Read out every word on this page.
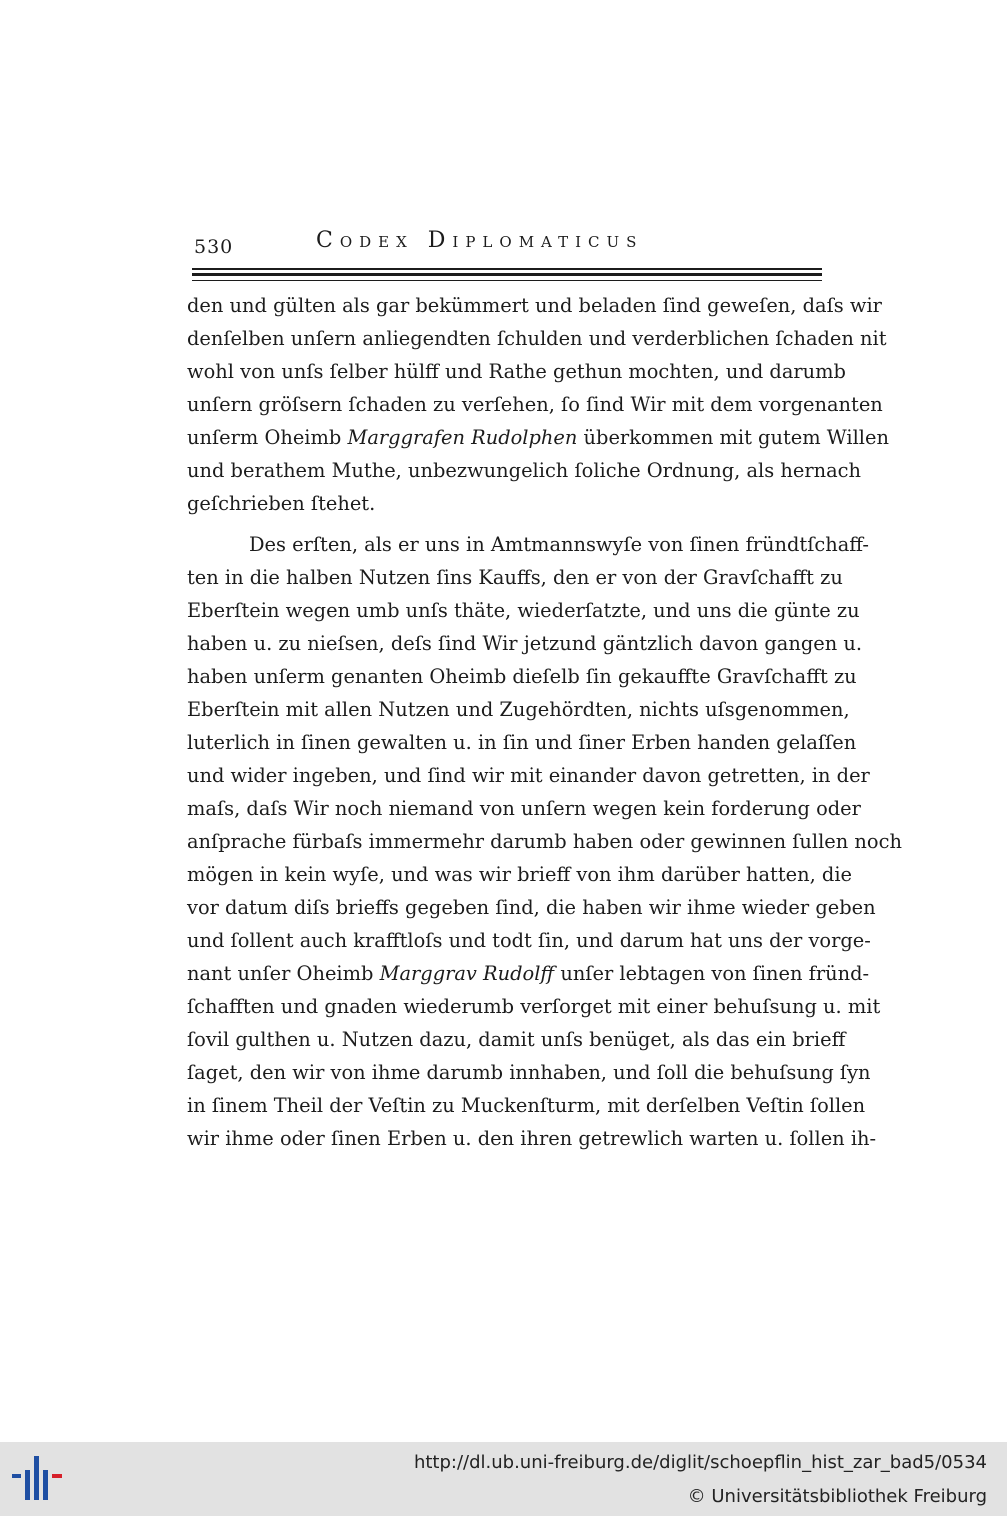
530	Codex Diplomaticus
den und gülten als gar bekümmert und beladen ſind geweſen, daſs wir
denſelben unſern anliegendten ſchulden und verderblichen ſchaden nit
wohl von unſs ſelber hülff und Rathe gethun mochten, und darumb
unſern gröſsern ſchaden zu verſehen, ſo ſind Wir mit dem vorgenanten
unſerm Oheimb Marggrafen Rudolphen überkommen mit gutem Willen
und berathem Muthe, unbezwungelich ſoliche Ordnung, als hernach
geſchrieben ſtehet.
Des erſten, als er uns in Amtmannswyſe von ſinen fründtſchaff-
ten in die halben Nutzen ſins Kauffs, den er von der Gravſchafft zu
Eberſtein wegen umb unſs thäte, wiederſatzte, und uns die günte zu
haben u. zu nieſsen, deſs ſind Wir jetzund gäntzlich davon gangen u.
haben unſerm genanten Oheimb dieſelb ſin gekauffte Gravſchafft zu
Eberſtein mit allen Nutzen und Zugehördten, nichts uſsgenommen,
luterlich in ſinen gewalten u. in ſin und ſiner Erben handen gelaſſen
und wider ingeben, und ſind wir mit einander davon getretten, in der
maſs, daſs Wir noch niemand von unſern wegen kein forderung oder
anſprache fürbaſs immermehr darumb haben oder gewinnen ſullen noch
mögen in kein wyſe, und was wir brieff von ihm darüber hatten, die
vor datum diſs brieffs gegeben ſind, die haben wir ihme wieder geben
und ſollent auch krafftloſs und todt ſin, und darum hat uns der vorge-
nant unſer Oheimb Marggrav Rudolff unſer lebtagen von ſinen fründ-
ſchafften und gnaden wiederumb verſorget mit einer behuſsung u. mit
ſovil gulthen u. Nutzen dazu, damit unſs benüget, als das ein brieff
ſaget, den wir von ihme darumb innhaben, und ſoll die behuſsung ſyn
in ſinem Theil der Veſtin zu Muckenſturm, mit derſelben Veſtin ſollen
wir ihme oder ſinen Erben u. den ihren getrewlich warten u. ſollen ih-
http://dl.ub.uni-freiburg.de/diglit/schoepflin_hist_zar_bad5/0534
© Universitätsbibliothek Freiburg
